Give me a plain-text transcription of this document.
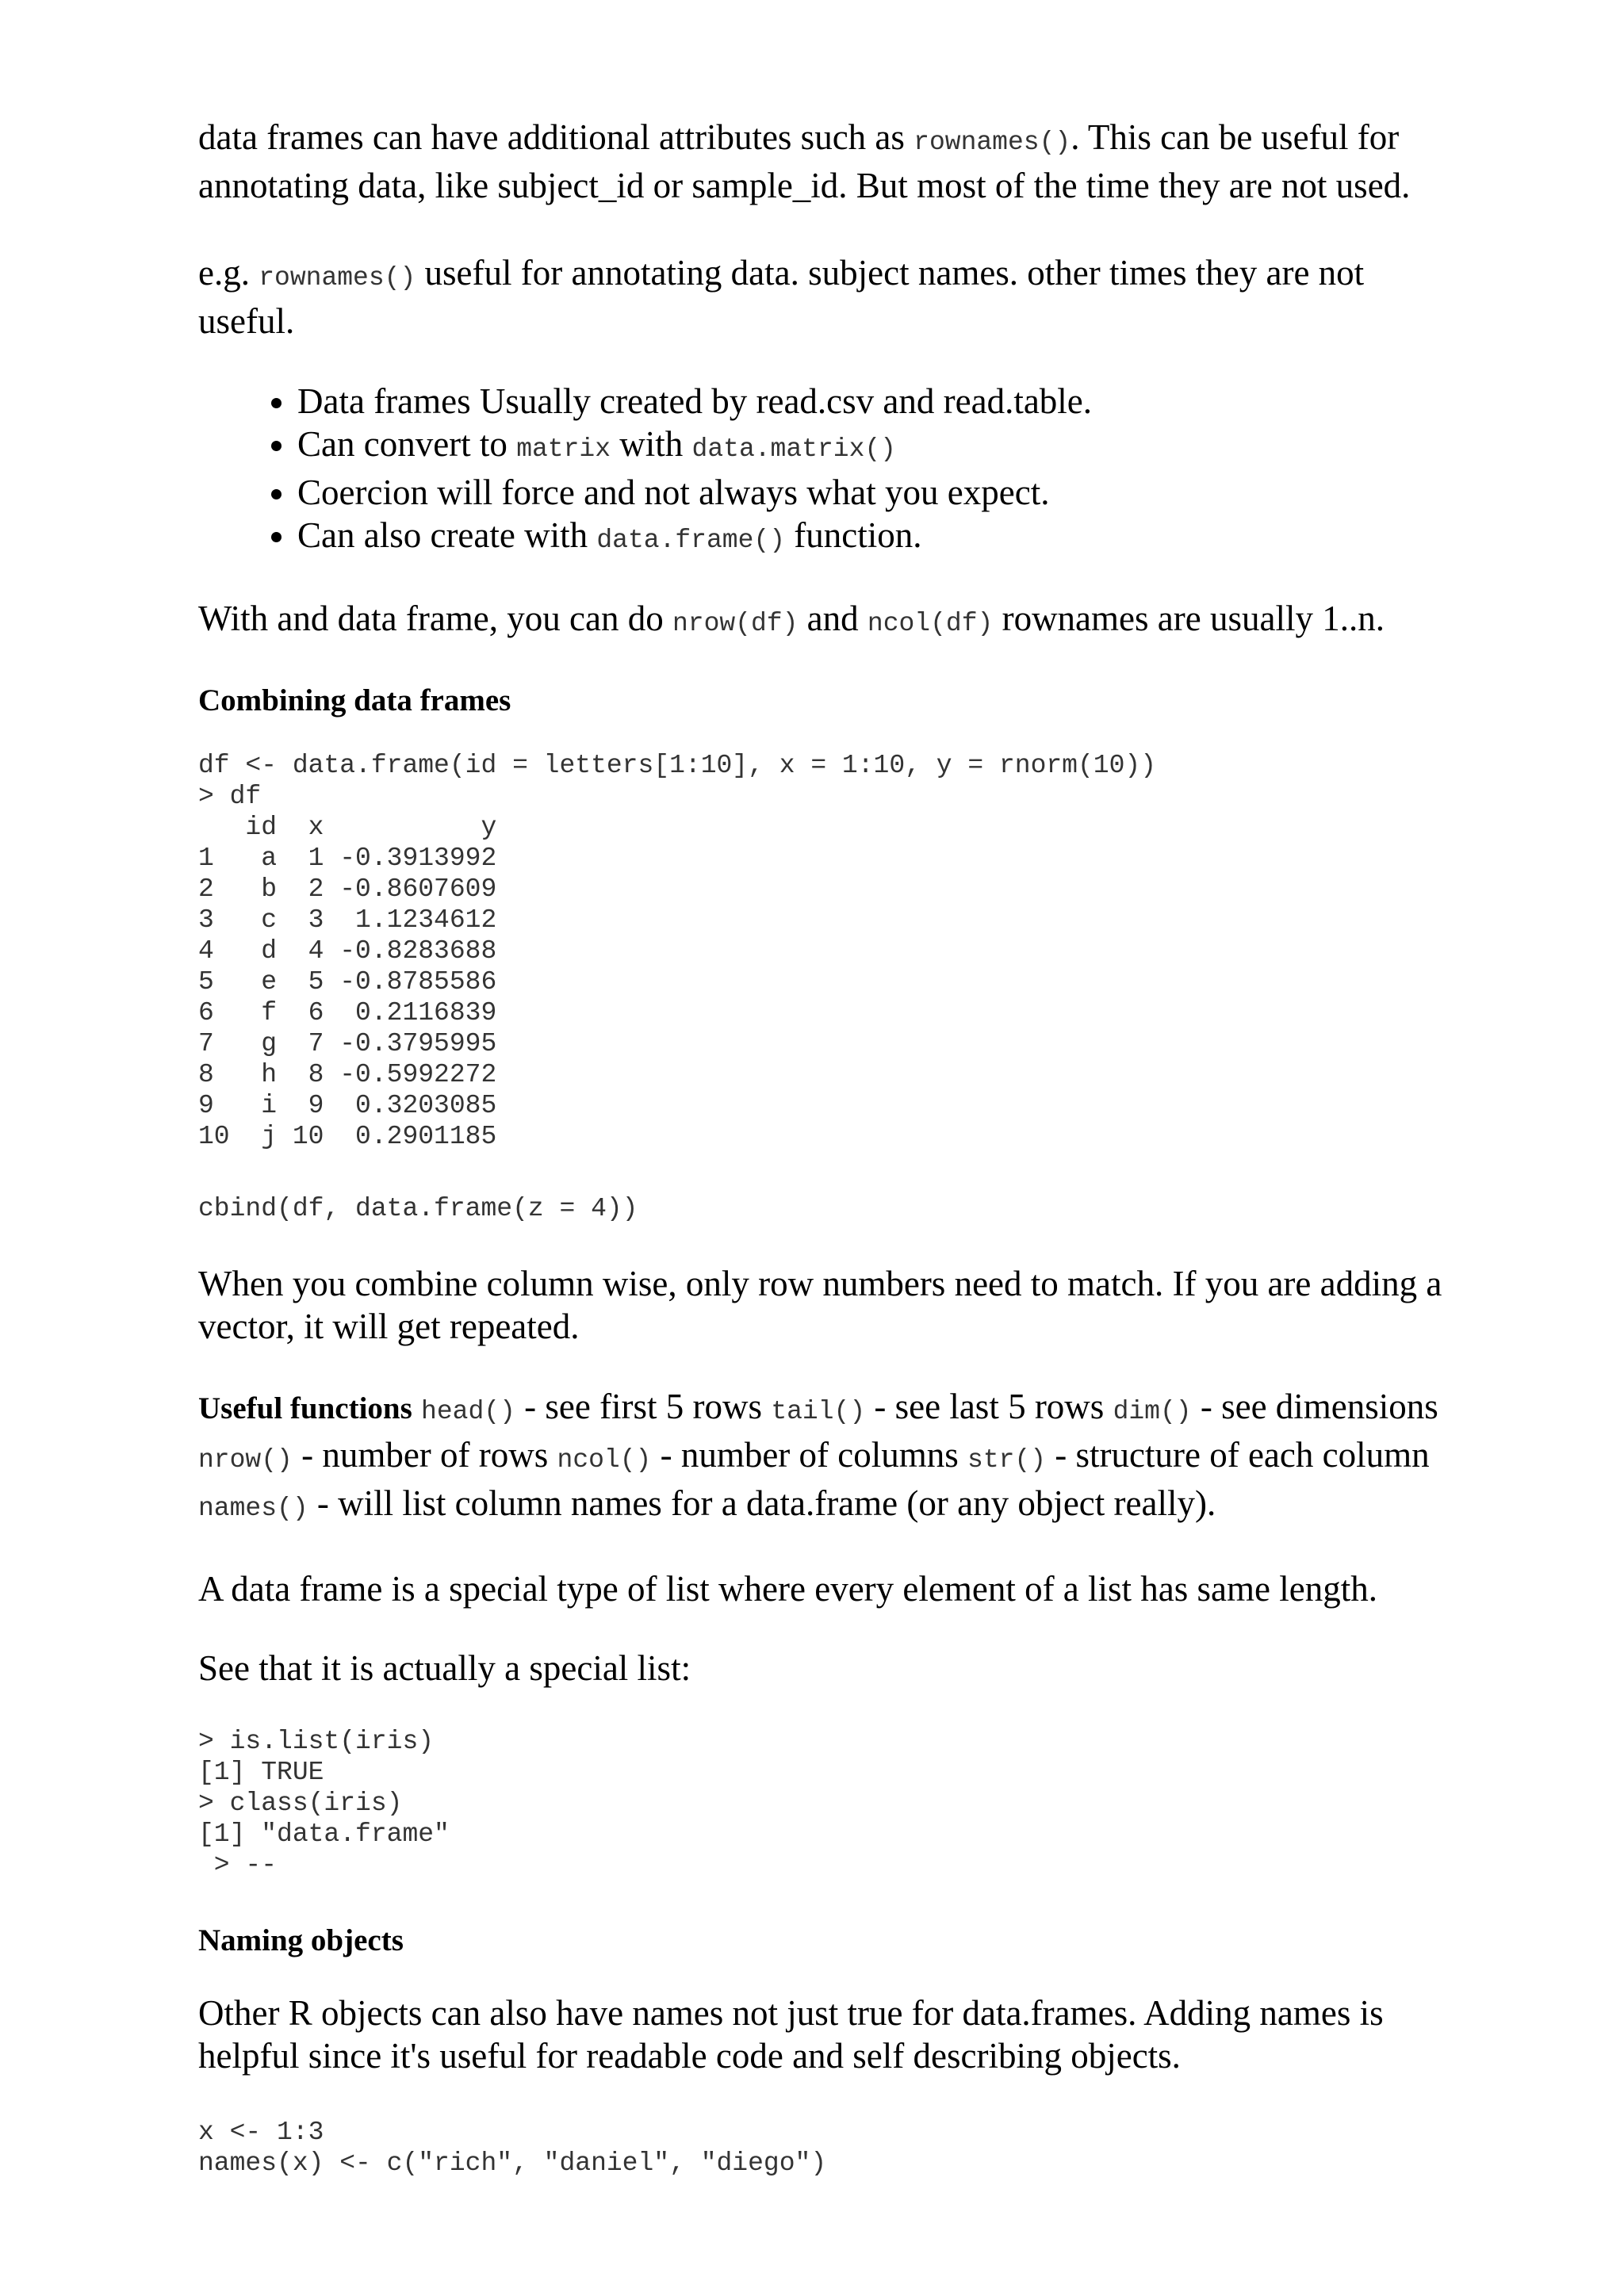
data frames can have additional attributes such as rownames(). This can be useful for annotating data, like subject_id or sample_id. But most of the time they are not used.

e.g. rownames() useful for annotating data. subject names. other times they are not useful.

• Data frames Usually created by read.csv and read.table.
• Can convert to matrix with data.matrix()
• Coercion will force and not always what you expect.
• Can also create with data.frame() function.

With and data frame, you can do nrow(df) and ncol(df) rownames are usually 1..n.

Combining data frames
df <- data.frame(id = letters[1:10], x = 1:10, y = rnorm(10))
> df
id  x          y
1   a  1 -0.3913992
2   b  2 -0.8607609
3   c  3  1.1234612
4   d  4 -0.8283688
5   e  5 -0.8785586
6   f  6  0.2116839
7   g  7 -0.3795995
8   h  8 -0.5992272
9   i  9  0.3203085
10  j 10  0.2901185
cbind(df, data.frame(z = 4))

When you combine column wise, only row numbers need to match. If you are adding a vector, it will get repeated.

Useful functions head() - see first 5 rows tail() - see last 5 rows dim() - see dimensions nrow() - number of rows ncol() - number of columns str() - structure of each column names() - will list column names for a data.frame (or any object really).

A data frame is a special type of list where every element of a list has same length.

See that it is actually a special list:

> is.list(iris)
[1] TRUE
> class(iris)
[1] "data.frame"
> --
Naming objects

Other R objects can also have names not just true for data.frames. Adding names is helpful since it's useful for readable code and self describing objects.

x <- 1:3
names(x) <- c("rich", "daniel", "diego")
